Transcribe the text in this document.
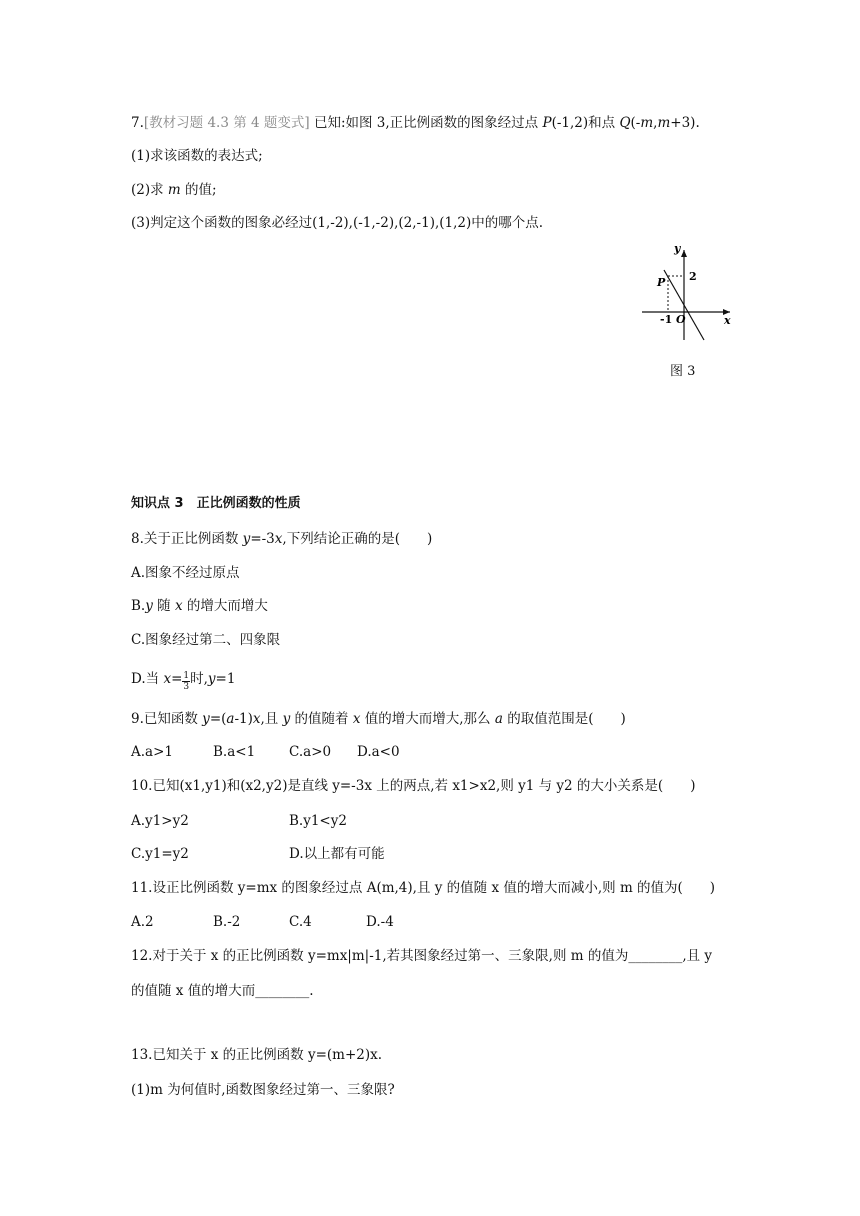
7.[教材习题 4.3 第 4 题变式] 已知:如图 3,正比例函数的图象经过点 P(-1,2)和点 Q(-m,m+3).
(1)求该函数的表达式;
(2)求 m 的值;
(3)判定这个函数的图象必经过(1,-2),(-1,-2),(2,-1),(1,2)中的哪个点.
y
x
2
P
-1 O
图 3
知识点 3　正比例函数的性质
8.关于正比例函数 y=-3x,下列结论正确的是(　　)
A.图象不经过原点
B.y 随 x 的增大而增大
C.图象经过第二、四象限
D.当 $x= \frac{1}{3}$ 时,y=1
9.已知函数 y=(a-1)x,且 y 的值随着 x 值的增大而增大,那么 a 的取值范围是(　　)
A.a>1	B.a<1	C.a>0 D.a<0
10.已知(x1,y1)和(x2,y2)是直线 y=-3x 上的两点,若 x1>x2,则 y1 与 y2 的大小关系是(　　)
A.y1>y2	B.y1<y2
C.y1=y2	D.以上都有可能
11.设正比例函数 y=mx 的图象经过点 A(m,4),且 y 的值随 x 值的增大而减小,则 m 的值为(　　)
A.2	B.-2	C.4	D.-4
12.对于关于 x 的正比例函数 y=mx|m|-1,若其图象经过第一、三象限,则 m 的值为________,且 y
的值随 x 值的增大而________.
13.已知关于 x 的正比例函数 y=(m+2)x.
(1)m 为何值时,函数图象经过第一、三象限?
